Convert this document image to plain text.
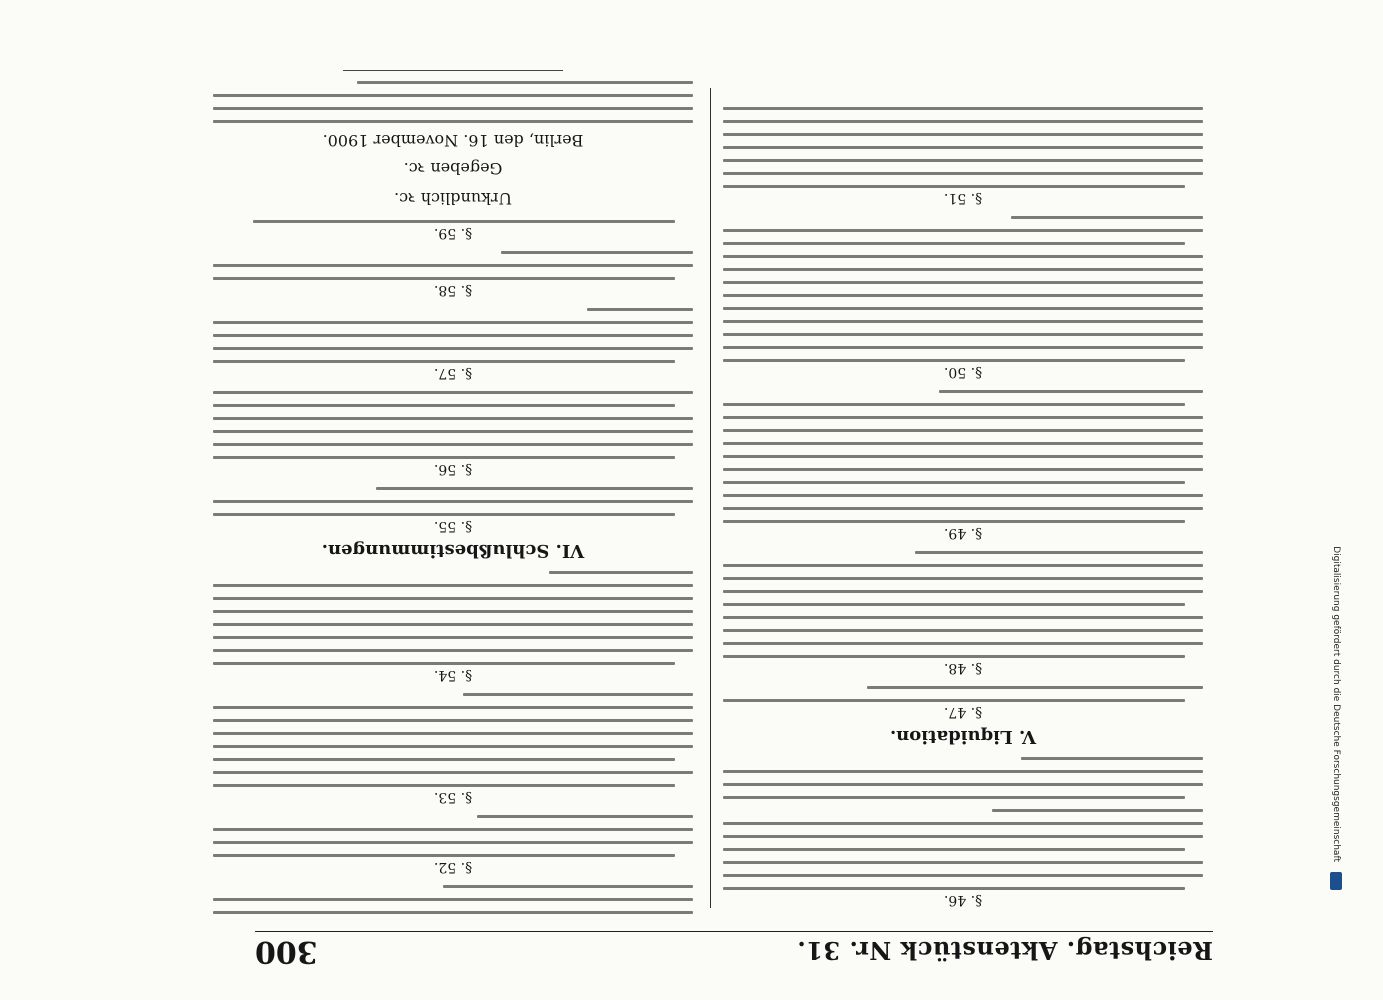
Reichstag. Aktenstück Nr. 31.
300
§. 46.
V. Liquidation.
§. 47.
§. 48.
§. 49.
§. 50.
§. 51.
§. 52.
§. 53.
§. 54.
VI. Schlußbestimmungen.
§. 55.
§. 56.
§. 57.
§. 58.
§. 59.
Urkundlich ꝛc.
Gegeben ꝛc.
Berlin, den 16. November 1900.
Digitalisierung gefördert durch die Deutsche Forschungsgemeinschaft
